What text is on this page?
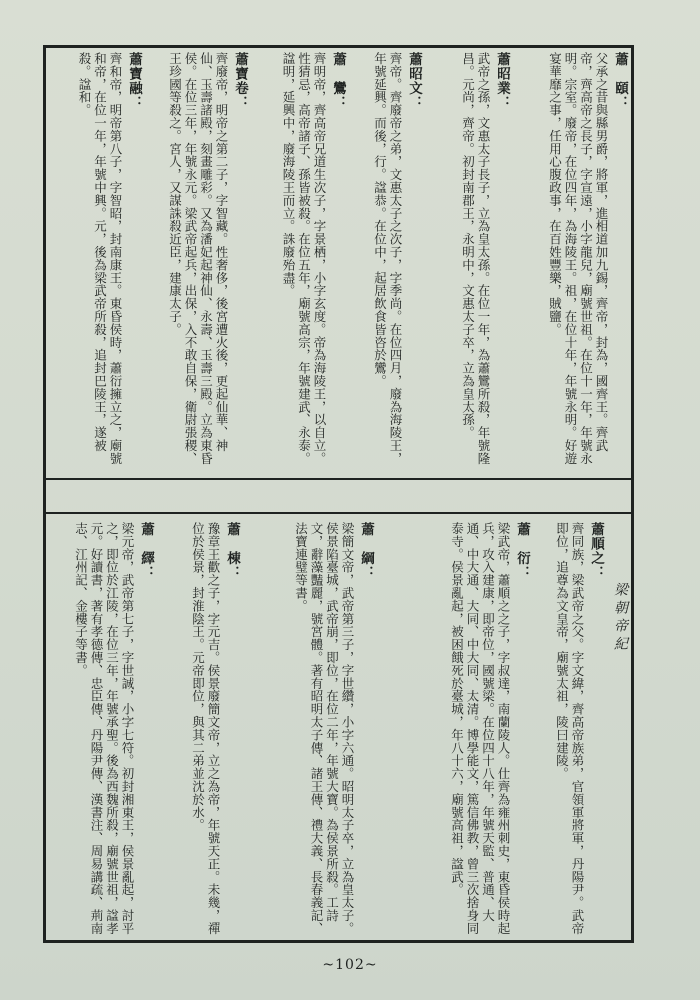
蕭　頤：
父承之昔與縣男爵，將軍，進相道加九錫，齊帝，封為，國齊王。齊武帝，齊高帝之長子，字宣遠，小字龍兒，廟號世祖。在位十一年，年號永明。宗室。廢帝，在位四年，為海陵王。祖，在位十年，年號永明。好遊宴華靡之事，任用心腹政事，在百姓豐樂，賊鹽。
蕭昭業：
武帝之孫，文惠太子長子，立為皇太孫。在位一年，為蕭鸞所殺，年號隆昌。元尚，齊帝。初封南郡王，永明中，文惠太子卒，立為皇太孫。
蕭昭文：
齊帝。齊廢帝之弟，文惠太子之次子，字季尚。在位四月，廢為海陵王，年號延興。而後，行。諡恭。在位中，起居飲食皆咨於鸞。
蕭　鸞：
齊明帝，齊高帝兄道生次子，字景栖，小字玄度。帝為海陵王，以自立。性猜忌，高帝諸子、孫皆被殺。在位五年，廟號高宗，年號建武、永泰。諡明，延興中，廢海陵王而立。誅廢殆盡。
蕭寶卷：
齊廢帝，明帝之第二子，字智藏。性奢侈，後宮遭火後，更起仙華、神仙、玉壽諸殿，刻畫雕彩。又為潘妃起神仙、永壽、玉壽三殿。立為東昏侯。在位三年，年號永元。梁武帝起兵，出保，入不敢自保，衛尉張稷、王珍國等殺之。宮人，又謀誅殺近臣，建康太子。
蕭寶融：
齊和帝，明帝第八子，字智昭，封南康王。東昏侯時，蕭衍擁立之，廟號和帝，在位一年，年號中興。元，後為梁武帝所殺，追封巴陵王，遂被殺。諡和。
梁朝帝紀
蕭順之：
齊同族，梁武帝之父。字文緯，齊高帝族弟，官領軍將軍，丹陽尹。武帝即位，追尊為文皇帝，廟號太祖，陵曰建陵。
蕭　衍：
梁武帝，蕭順之之子，字叔達，南蘭陵人。仕齊為雍州刺史，東昏侯時起兵，攻入建康，即帝位，國號梁。在位四十八年，年號天監、普通、大通、中大通、大同、中大同、太清。博學能文，篤信佛教，曾三次捨身同泰寺。侯景亂起，被困餓死於臺城，年八十六，廟號高祖，諡武。
蕭　綱：
梁簡文帝，武帝第三子，字世纘，小字六通。昭明太子卒，立為皇太子。侯景陷臺城，武帝崩，即位，在位二年，年號大寶。為侯景所殺。工詩文，辭藻豔麗，號宮體。著有昭明太子傳、諸王傳、禮大義、長春義記、法寶連璧等書。
蕭　棟：
豫章王歡之子，字元吉。侯景廢簡文帝，立之為帝，年號天正。未幾，禪位於侯景，封淮陰王。元帝即位，與其二弟並沈於水。
蕭　繹：
梁元帝，武帝第七子，字世誠，小字七符。初封湘東王，侯景亂起，討平之，即位於江陵，在位三年，年號承聖。後為西魏所殺，廟號世祖，諡孝元。好讀書，著有孝德傳、忠臣傳、丹陽尹傳、漢書注、周易講疏、荊南志、江州記、金樓子等書。
~102~
